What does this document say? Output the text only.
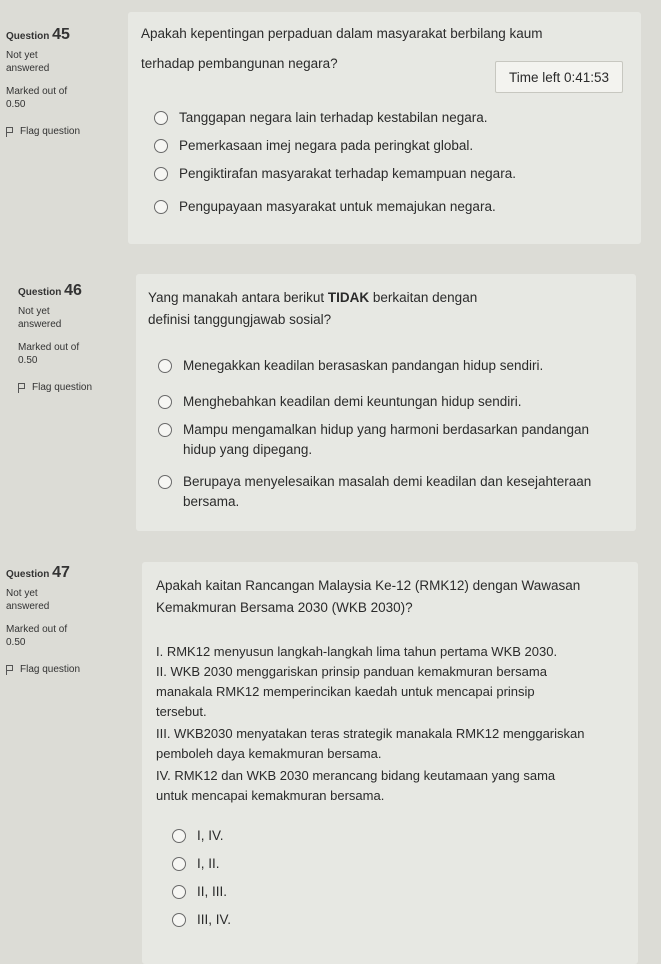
Question 45
Not yet answered
Marked out of 0.50
Flag question
Apakah kepentingan perpaduan dalam masyarakat berbilang kaum
terhadap pembangunan negara?
Time left
0:41:53
Tanggapan negara lain terhadap kestabilan negara.
Pemerkasaan imej negara pada peringkat global.
Pengiktirafan masyarakat terhadap kemampuan negara.
Pengupayaan masyarakat untuk memajukan negara.
Question 46
Not yet answered
Marked out of 0.50
Flag question
Yang manakah antara berikut TIDAK berkaitan dengan
definisi tanggungjawab sosial?
Menegakkan keadilan berasaskan pandangan hidup sendiri.
Menghebahkan keadilan demi keuntungan hidup sendiri.
Mampu mengamalkan hidup yang harmoni berdasarkan pandangan
hidup yang dipegang.
Berupaya menyelesaikan masalah demi keadilan dan kesejahteraan
bersama.
Question 47
Not yet answered
Marked out of 0.50
Flag question
Apakah kaitan Rancangan Malaysia Ke-12 (RMK12) dengan Wawasan
Kemakmuran Bersama 2030 (WKB 2030)?
I. RMK12 menyusun langkah-langkah lima tahun pertama WKB 2030.
II. WKB 2030 menggariskan prinsip panduan kemakmuran bersama
manakala RMK12 memperincikan kaedah untuk mencapai prinsip
tersebut.
III. WKB2030 menyatakan teras strategik manakala RMK12 menggariskan
pemboleh daya kemakmuran bersama.
IV. RMK12 dan WKB 2030 merancang bidang keutamaan yang sama
untuk mencapai kemakmuran bersama.
I, IV.
I, II.
II, III.
III, IV.
